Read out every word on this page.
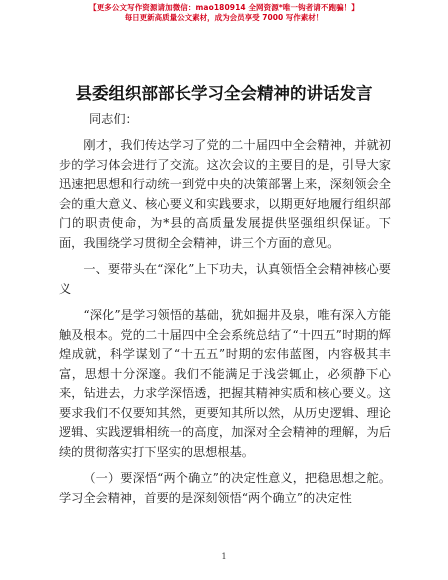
【更多公文写作资源请加微信：mao180914 全网资源*唯一钩者请不跑骗！】
每日更新高质量公文素材，成为会员享受 7000 写作素材！
县委组织部部长学习全会精神的讲话发言
同志们：

刚才，我们传达学习了党的二十届四中全会精神，并就初步的学习体会进行了交流。这次会议的主要目的是，引导大家迅速把思想和行动统一到党中央的决策部署上来，深刻领会全会的重大意义、核心要义和实践要求，以期更好地履行组织部门的职责使命，为*县的高质量发展提供坚强组织保证。下面，我围绕学习贯彻全会精神，讲三个方面的意见。

一、要带头在“深化”上下功夫，认真领悟全会精神核心要义

“深化”是学习领悟的基础，犹如掘井及泉，唯有深入方能触及根本。党的二十届四中全会系统总结了“十四五”时期的辉煌成就，科学谋划了“十五五”时期的宏伟蓝图，内容极其丰富，思想十分深邃。我们不能满足于浅尝辄止，必须静下心来，钻进去，力求学深悟透，把握其精神实质和核心要义。这要求我们不仅要知其然，更要知其所以然，从历史逻辑、理论逻辑、实践逻辑相统一的高度，加深对全会精神的理解，为后续的贯彻落实打下坚实的思想根基。

（一）要深悟“两个确立”的决定性意义，把稳思想之舵。学习全会精神，首要的是深刻领悟“两个确立”的决定性

1
